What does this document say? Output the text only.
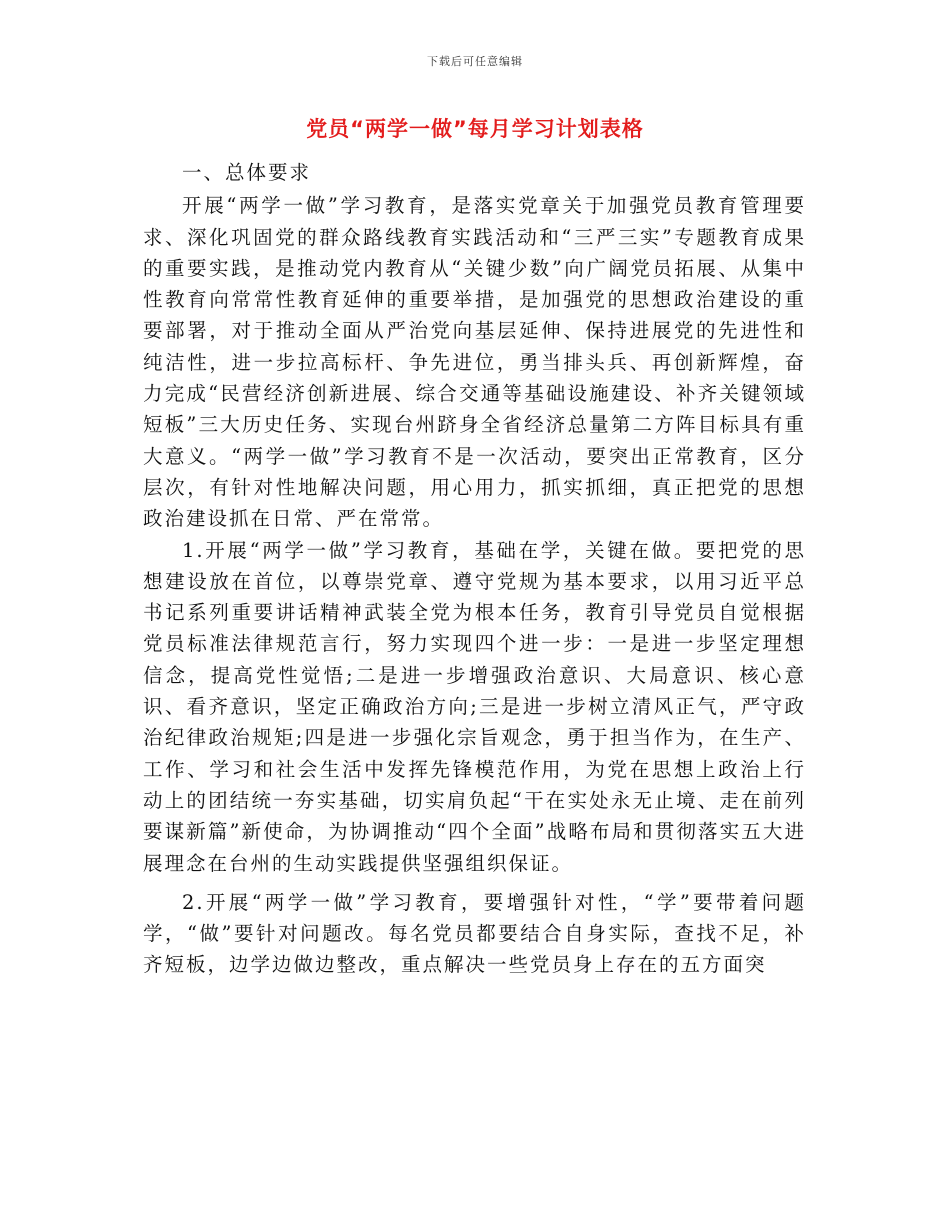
下载后可任意编辑
党员“两学一做”每月学习计划表格

一、总体要求

开展“两学一做”学习教育，是落实党章关于加强党员教育管理要求、深化巩固党的群众路线教育实践活动和“三严三实”专题教育成果的重要实践，是推动党内教育从“关键少数”向广阔党员拓展、从集中性教育向常常性教育延伸的重要举措，是加强党的思想政治建设的重要部署，对于推动全面从严治党向基层延伸、保持进展党的先进性和纯洁性，进一步拉高标杆、争先进位，勇当排头兵、再创新辉煌，奋力完成“民营经济创新进展、综合交通等基础设施建设、补齐关键领域短板”三大历史任务、实现台州跻身全省经济总量第二方阵目标具有重大意义。“两学一做”学习教育不是一次活动，要突出正常教育，区分层次，有针对性地解决问题，用心用力，抓实抓细，真正把党的思想政治建设抓在日常、严在常常。

1.开展“两学一做”学习教育，基础在学，关键在做。要把党的思想建设放在首位，以尊崇党章、遵守党规为基本要求，以用习近平总书记系列重要讲话精神武装全党为根本任务，教育引导党员自觉根据党员标准法律规范言行，努力实现四个进一步：一是进一步坚定理想信念，提高党性觉悟;二是进一步增强政治意识、大局意识、核心意识、看齐意识，坚定正确政治方向;三是进一步树立清风正气，严守政治纪律政治规矩;四是进一步强化宗旨观念，勇于担当作为，在生产、工作、学习和社会生活中发挥先锋模范作用，为党在思想上政治上行动上的团结统一夯实基础，切实肩负起“干在实处永无止境、走在前列要谋新篇”新使命，为协调推动“四个全面”战略布局和贯彻落实五大进展理念在台州的生动实践提供坚强组织保证。

2.开展“两学一做”学习教育，要增强针对性，“学”要带着问题学，“做”要针对问题改。每名党员都要结合自身实际，查找不足，补齐短板，边学边做边整改，重点解决一些党员身上存在的五方面突
